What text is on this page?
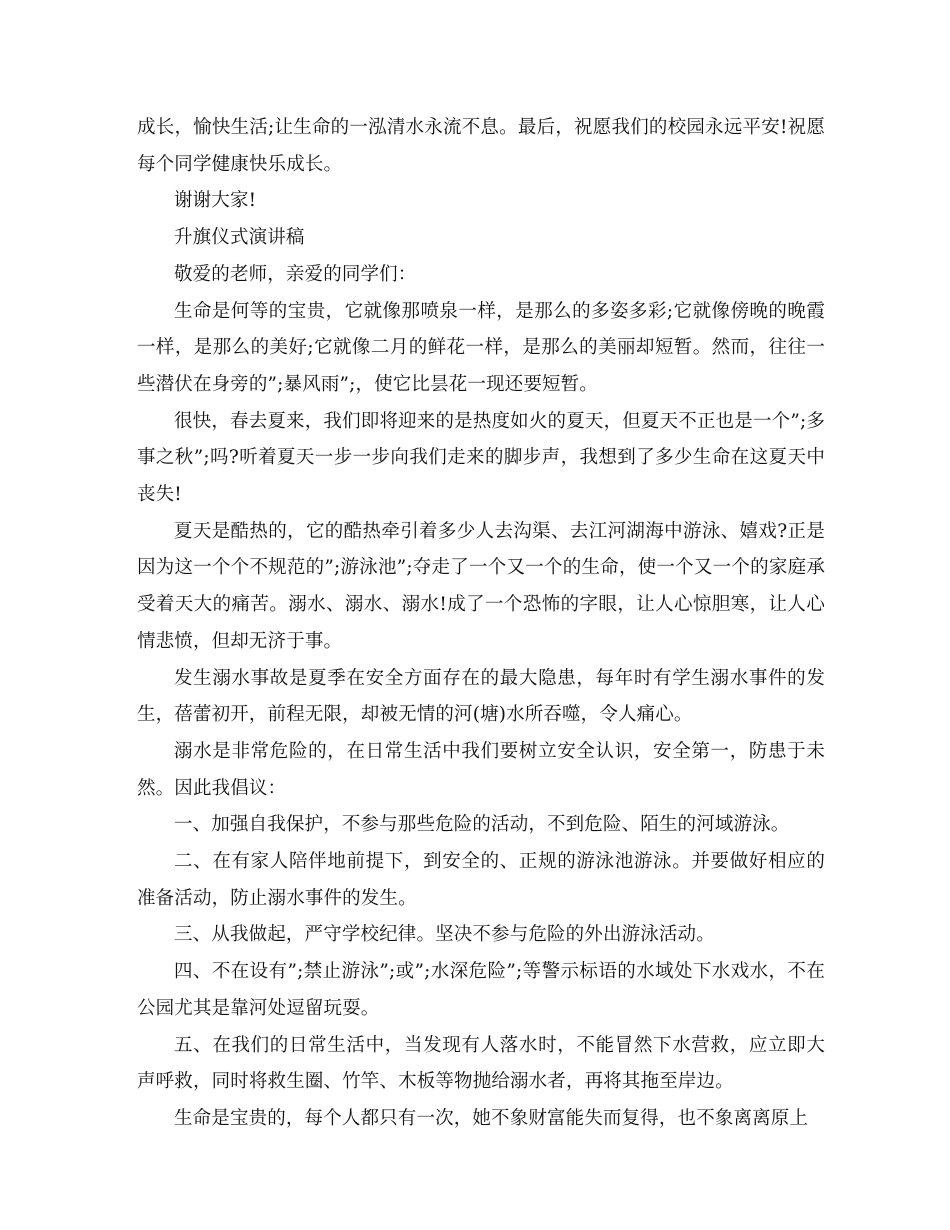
成长，愉快生活;让生命的一泓清水永流不息。最后，祝愿我们的校园永远平安!祝愿每个同学健康快乐成长。

谢谢大家!

升旗仪式演讲稿

敬爱的老师，亲爱的同学们：

生命是何等的宝贵，它就像那喷泉一样，是那么的多姿多彩;它就像傍晚的晚霞一样，是那么的美好;它就像二月的鲜花一样，是那么的美丽却短暂。然而，往往一些潜伏在身旁的”;暴风雨”;，使它比昙花一现还要短暂。

很快，春去夏来，我们即将迎来的是热度如火的夏天，但夏天不正也是一个”;多事之秋”;吗?听着夏天一步一步向我们走来的脚步声，我想到了多少生命在这夏天中丧失!

夏天是酷热的，它的酷热牵引着多少人去沟渠、去江河湖海中游泳、嬉戏?正是因为这一个个不规范的”;游泳池”;夺走了一个又一个的生命，使一个又一个的家庭承受着天大的痛苦。溺水、溺水、溺水!成了一个恐怖的字眼，让人心惊胆寒，让人心情悲愤，但却无济于事。

发生溺水事故是夏季在安全方面存在的最大隐患，每年时有学生溺水事件的发生，蓓蕾初开，前程无限，却被无情的河(塘)水所吞噬，令人痛心。

溺水是非常危险的，在日常生活中我们要树立安全认识，安全第一，防患于未然。因此我倡议：

一、加强自我保护，不参与那些危险的活动，不到危险、陌生的河域游泳。

二、在有家人陪伴地前提下，到安全的、正规的游泳池游泳。并要做好相应的准备活动，防止溺水事件的发生。

三、从我做起，严守学校纪律。坚决不参与危险的外出游泳活动。

四、不在设有”;禁止游泳”;或”;水深危险”;等警示标语的水域处下水戏水，不在公园尤其是靠河处逗留玩耍。

五、在我们的日常生活中，当发现有人落水时，不能冒然下水营救，应立即大声呼救，同时将救生圈、竹竿、木板等物抛给溺水者，再将其拖至岸边。

生命是宝贵的，每个人都只有一次，她不象财富能失而复得，也不象离离原上
